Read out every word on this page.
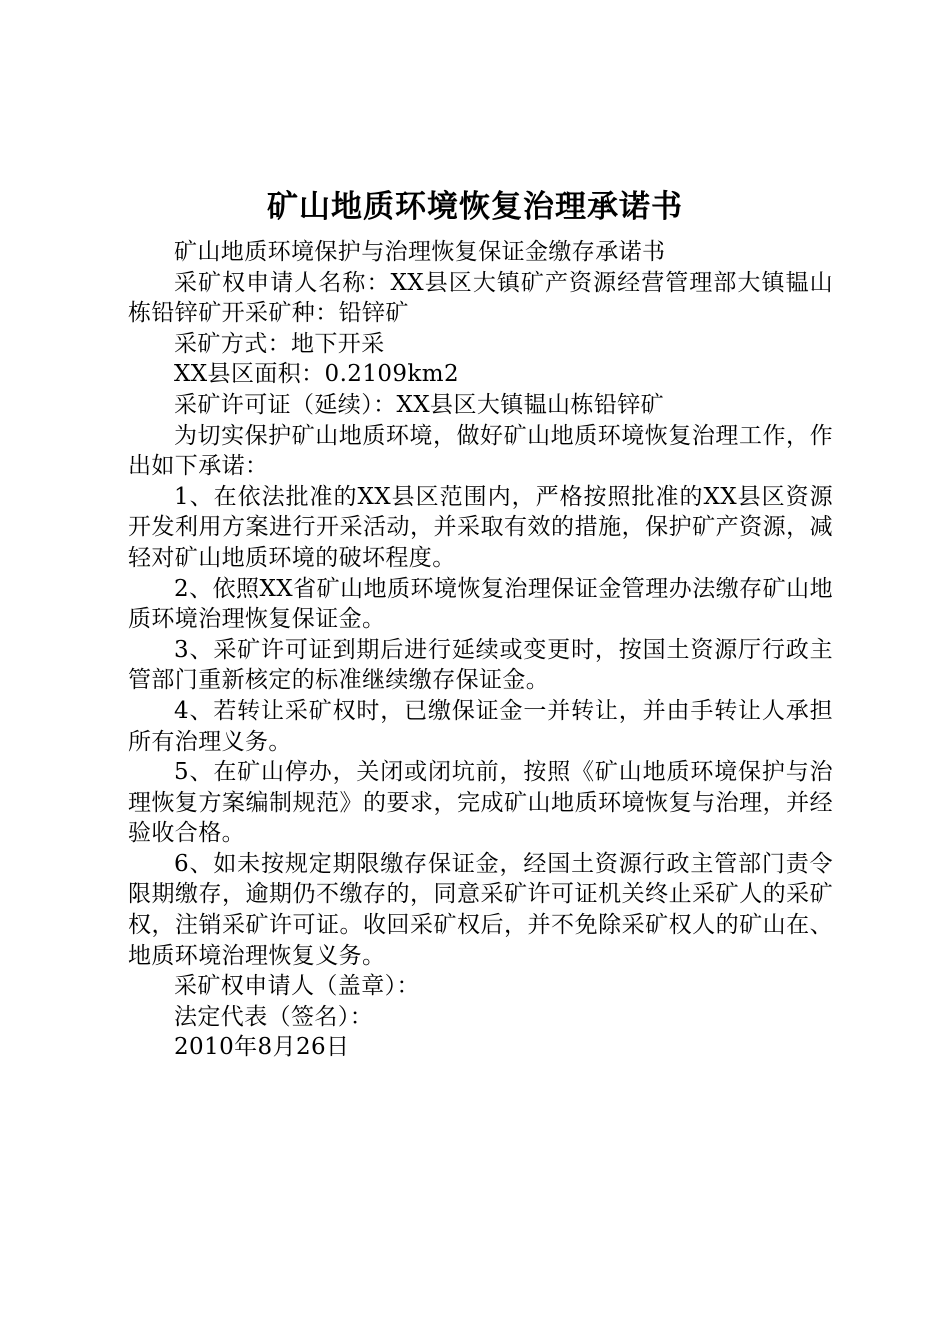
矿山地质环境恢复治理承诺书

矿山地质环境保护与治理恢复保证金缴存承诺书

采矿权申请人名称：XX县区大镇矿产资源经营管理部大镇韫山栋铅锌矿开采矿种：铅锌矿

采矿方式：地下开采

XX县区面积：0.2109km2

采矿许可证（延续）：XX县区大镇韫山栋铅锌矿

为切实保护矿山地质环境，做好矿山地质环境恢复治理工作，作出如下承诺：

1、在依法批准的XX县区范围内，严格按照批准的XX县区资源开发利用方案进行开采活动，并采取有效的措施，保护矿产资源，减轻对矿山地质环境的破坏程度。

2、依照XX省矿山地质环境恢复治理保证金管理办法缴存矿山地质环境治理恢复保证金。

3、采矿许可证到期后进行延续或变更时，按国土资源厅行政主管部门重新核定的标准继续缴存保证金。

4、若转让采矿权时，已缴保证金一并转让，并由手转让人承担所有治理义务。

5、在矿山停办，关闭或闭坑前，按照《矿山地质环境保护与治理恢复方案编制规范》的要求，完成矿山地质环境恢复与治理，并经验收合格。

6、如未按规定期限缴存保证金，经国土资源行政主管部门责令限期缴存，逾期仍不缴存的，同意采矿许可证机关终止采矿人的采矿权，注销采矿许可证。收回采矿权后，并不免除采矿权人的矿山在、地质环境治理恢复义务。

采矿权申请人（盖章）：

法定代表（签名）：

2010年8月26日
